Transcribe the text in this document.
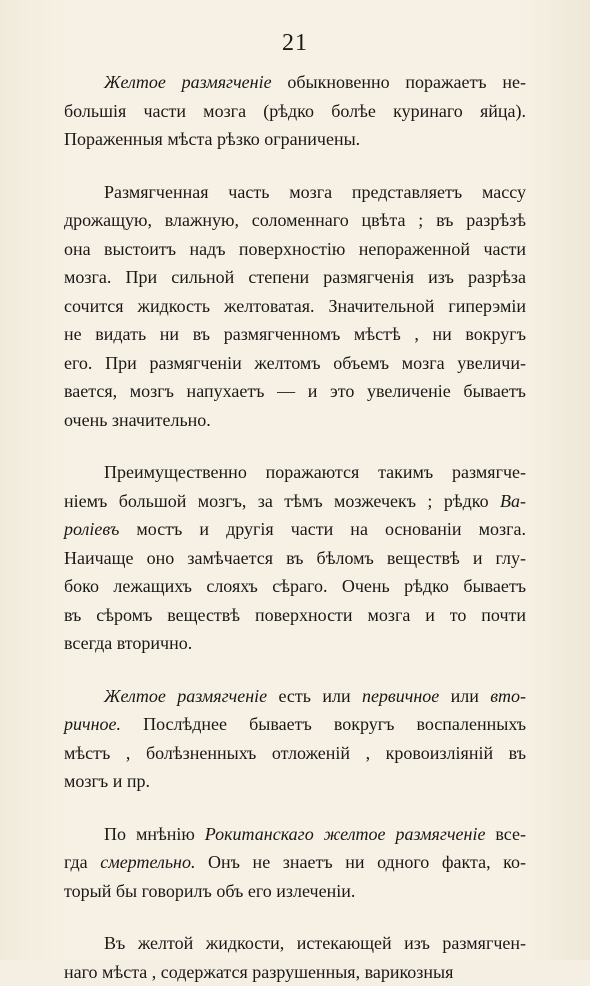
21

Желтое размягченіе обыкновенно поражаетъ не-
большія части мозга (рѣдко болѣе куринаго яйца).
Пораженныя мѣста рѣзко ограничены.

Размягченная часть мозга представляетъ массу
дрожащую, влажную, соломеннаго цвѣта ; въ разрѣзѣ
она выстоитъ надъ поверхностію непораженной части
мозга. При сильной степени размягченія изъ разрѣза
сочится жидкость желтоватая. Значительной гиперэміи
не видать ни въ размягченномъ мѣстѣ , ни вокругъ
его. При размягченіи желтомъ объемъ мозга увеличи-
вается, мозгъ напухаетъ — и это увеличеніе бываетъ
очень значительно.

Преимущественно поражаются такимъ размягче-
ніемъ большой мозгъ, за тѣмъ мозжечекъ ; рѣдко Ва-
роліевъ мостъ и другія части на основаніи мозга.
Наичаще оно замѣчается въ бѣломъ веществѣ и глу-
боко лежащихъ слояхъ сѣраго. Очень рѣдко бываетъ
въ сѣромъ веществѣ поверхности мозга и то почти
всегда вторично.

Желтое размягченіе есть или первичное или вто-
ричное. Послѣднее бываетъ вокругъ воспаленныхъ
мѣстъ , болѣзненныхъ отложеній , кровоизліяній въ
мозгъ и пр.

По мнѣнію Рокитанскаго желтое размягченіе все-
гда смертельно. Онъ не знаетъ ни одного факта, ко-
торый бы говорилъ объ его излеченіи.

Въ желтой жидкости, истекающей изъ размягчен-
наго мѣста , содержатся разрушенныя, варикозныя
